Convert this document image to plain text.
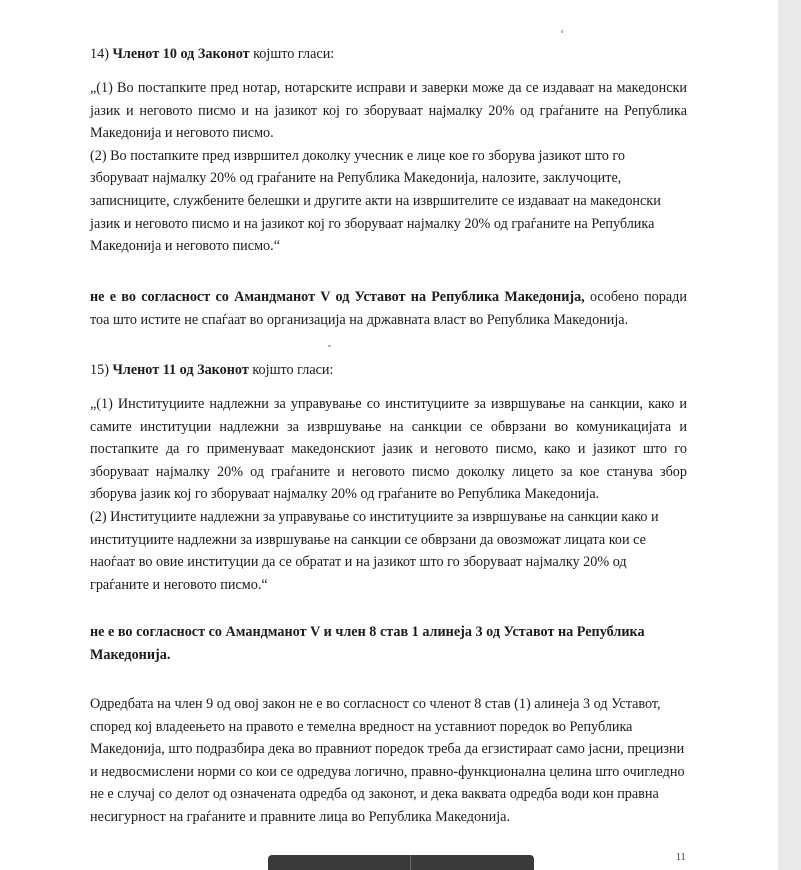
14) Членот 10 од Законот којшто гласи:

„(1) Во постапките пред нотар, нотарските исправи и заверки може да се издаваат на македонски јазик и неговото писмо и на јазикот кој го зборуваат најмалку 20% од граѓаните на Република Македонија и неговото писмо.

(2) Во постапките пред извршител доколку учесник е лице кое го зборува јазикот што го зборуваат најмалку 20% од граѓаните на Република Македонија, налозите, заклучоците, записниците, службените белешки и другите акти на извршителите се издаваат на македонски јазик и неговото писмо и на јазикот кој го зборуваат најмалку 20% од граѓаните на Република Македонија и неговото писмо.“

не е во согласност со Амандманот V од Уставот на Република Македонија, особено поради тоа што истите не спаѓаат во организација на државната власт во Република Македонија.

15) Членот 11 од Законот којшто гласи:

„(1) Институциите надлежни за управување со институциите за извршување на санкции, како и самите институции надлежни за извршување на санкции се обврзани во комуникацијата и постапките да го применуваат македонскиот јазик и неговото писмо, како и јазикот што го зборуваат најмалку 20% од граѓаните и неговото писмо доколку лицето за кое станува збор зборува јазик кој го зборуваат најмалку 20% од граѓаните во Република Македонија.

(2) Институциите надлежни за управување со институциите за извршување на санкции како и институциите надлежни за извршување на санкции се обврзани да овозможат лицата кои се наоѓаат во овие институции да се обратат и на јазикот што го зборуваат најмалку 20% од граѓаните и неговото писмо.“

не е во согласност со Амандманот V и член 8 став 1 алинеја 3 од Уставот на Република Македонија.

Одредбата на член 9 од овој закон не е во согласност со членот 8 став (1) алинеја 3 од Уставот, според кој владеењето на правото е темелна вредност на уставниот поредок во Република Македонија, што подразбира дека во правниот поредок треба да егзистираат само јасни, прецизни и недвосмислени норми со кои се одредува логично, правно-функционална целина што очигледно не е случај со делот од означената одредба од законот, и дека ваквата одредба води кон правна несигурност на граѓаните и правните лица во Република Македонија.

11
